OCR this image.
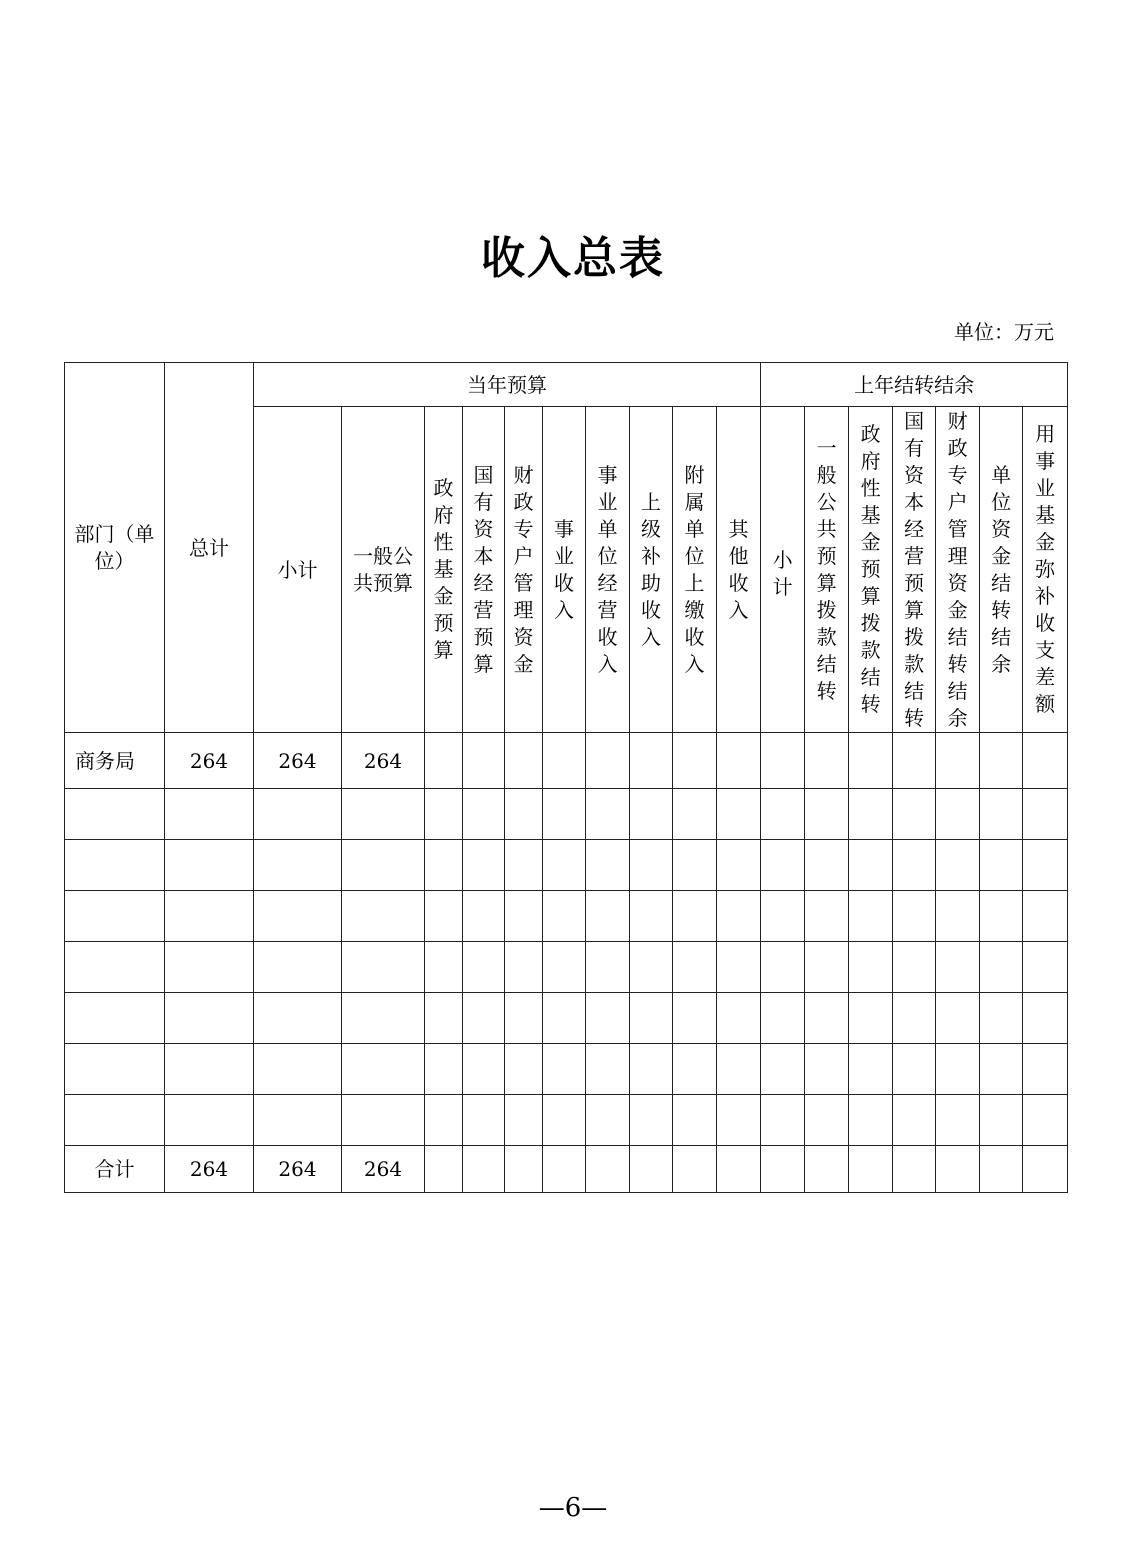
收入总表
单位：万元
部门（单位）	总计	当年预算										上年结转结余						
		小计	一般公共预算	政府性基金预算	国有资本经营预算	财政专户管理资金	事业收入	事业单位经营收入	上级补助收入	附属单位上缴收入	其他收入	小计	一般公共预算拨款结转	政府性基金预算拨款结转	国有资本经营预算拨款结转	财政专户管理资金结转结余	单位资金结转结余	用事业基金弥补收支差额
商务局	264	264	264															

合计	264	264	264															
—6—
